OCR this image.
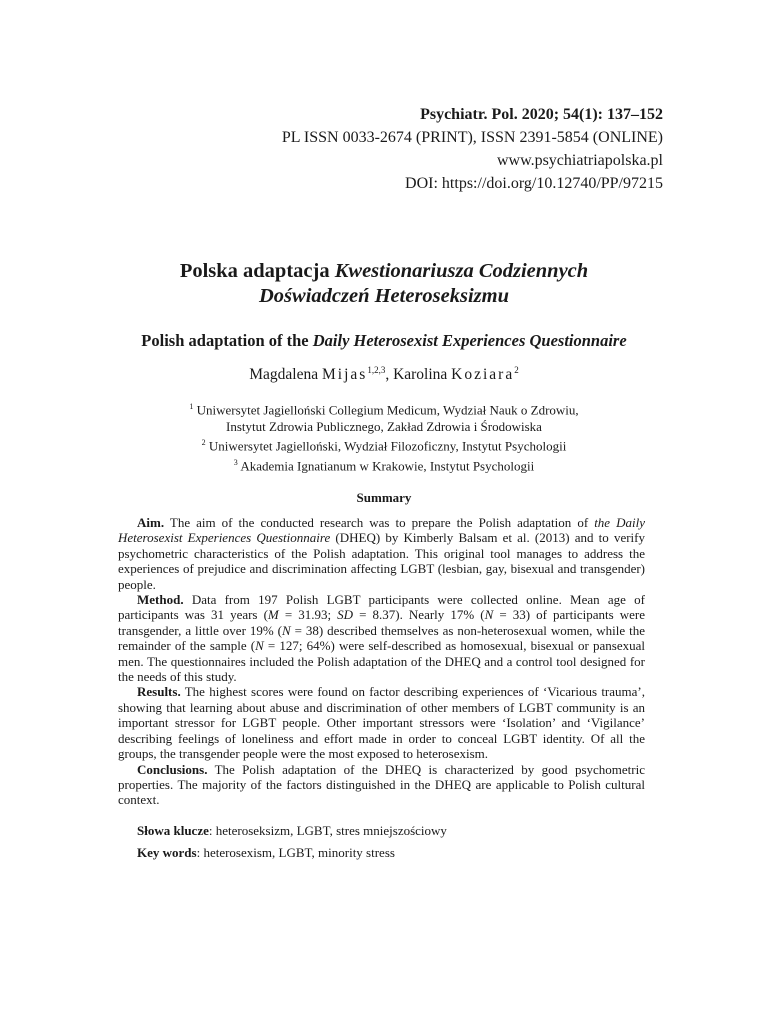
Psychiatr. Pol. 2020; 54(1): 137–152
PL ISSN 0033-2674 (PRINT), ISSN 2391-5854 (ONLINE)
www.psychiatriapolska.pl
DOI: https://doi.org/10.12740/PP/97215
Polska adaptacja Kwestionariusza Codziennych
Doświadczeń Heteroseksizmu
Polish adaptation of the Daily Heterosexist Experiences Questionnaire
Magdalena Mijas$^{1,2,3}$, Karolina Koziara$^2$
$^1$ Uniwersytet Jagielloński Collegium Medicum, Wydział Nauk o Zdrowiu,
Instytut Zdrowia Publicznego, Zakład Zdrowia i Środowiska
$^2$ Uniwersytet Jagielloński, Wydział Filozoficzny, Instytut Psychologii
$^3$ Akademia Ignatianum w Krakowie, Instytut Psychologii
Summary

Aim. The aim of the conducted research was to prepare the Polish adaptation of the Daily Heterosexist Experiences Questionnaire (DHEQ) by Kimberly Balsam et al. (2013) and to verify psychometric characteristics of the Polish adaptation. This original tool manages to address the experiences of prejudice and discrimination affecting LGBT (lesbian, gay, bisexual and transgender) people.

Method. Data from 197 Polish LGBT participants were collected online. Mean age of participants was 31 years (M = 31.93; SD = 8.37). Nearly 17% (N = 33) of participants were transgender, a little over 19% (N = 38) described themselves as non-heterosexual women, while the remainder of the sample (N = 127; 64%) were self-described as homosexual, bisexual or pansexual men. The questionnaires included the Polish adaptation of the DHEQ and a control tool designed for the needs of this study.

Results. The highest scores were found on factor describing experiences of ‘Vicarious trauma’, showing that learning about abuse and discrimination of other members of LGBT community is an important stressor for LGBT people. Other important stressors were ‘Isolation’ and ‘Vigilance’ describing feelings of loneliness and effort made in order to conceal LGBT identity. Of all the groups, the transgender people were the most exposed to heterosexism.

Conclusions. The Polish adaptation of the DHEQ is characterized by good psychometric properties. The majority of the factors distinguished in the DHEQ are applicable to Polish cultural context.

Słowa klucze: heteroseksizm, LGBT, stres mniejszościowy
Key words: heterosexism, LGBT, minority stress
